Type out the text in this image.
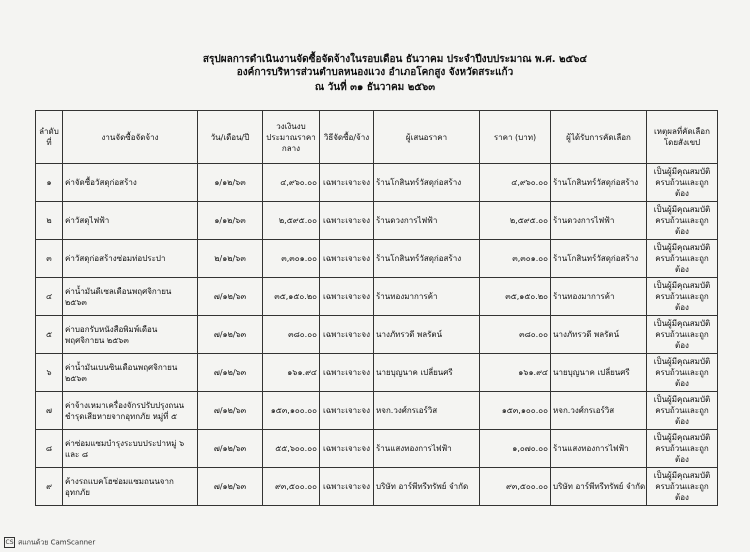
สรุปผลการดำเนินงานจัดซื้อจัดจ้างในรอบเดือน ธันวาคม ประจำปีงบประมาณ พ.ศ. ๒๕๖๔
องค์การบริหารส่วนตำบลหนองแวง อำเภอโคกสูง จังหวัดสระแก้ว
ณ วันที่ ๓๑ ธันวาคม ๒๕๖๓
ลำดับที่	งานจัดซื้อจัดจ้าง	วัน/เดือน/ปี	วงเงินงบประมาณราคากลาง	วิธีจัดซื้อ/จ้าง	ผู้เสนอราคา	ราคา (บาท)	ผู้ได้รับการคัดเลือก	เหตุผลที่คัดเลือกโดยสังเขป
๑	ค่าจัดซื้อวัสดุก่อสร้าง	๑/๑๒/๖๓	๔,๙๖๐.๐๐	เฉพาะเจาะจง	ร้านโกสินทร์วัสดุก่อสร้าง	๔,๙๖๐.๐๐	ร้านโกสินทร์วัสดุก่อสร้าง	เป็นผู้มีคุณสมบัติครบถ้วนและถูกต้อง
๒	ค่าวัสดุไฟฟ้า	๑/๑๒/๖๓	๒,๕๙๕.๐๐	เฉพาะเจาะจง	ร้านดวงการไฟฟ้า	๒,๕๙๕.๐๐	ร้านดวงการไฟฟ้า	เป็นผู้มีคุณสมบัติครบถ้วนและถูกต้อง
๓	ค่าวัสดุก่อสร้างซ่อมท่อประปา	๒/๑๒/๖๓	๓,๓๐๑.๐๐	เฉพาะเจาะจง	ร้านโกสินทร์วัสดุก่อสร้าง	๓,๓๐๑.๐๐	ร้านโกสินทร์วัสดุก่อสร้าง	เป็นผู้มีคุณสมบัติครบถ้วนและถูกต้อง
๔	ค่าน้ำมันดีเซลเดือนพฤศจิกายน ๒๕๖๓	๗/๑๒/๖๓	๓๕,๑๕๐.๒๐	เฉพาะเจาะจง	ร้านทองมาการค้า	๓๕,๑๕๐.๒๐	ร้านทองมาการค้า	เป็นผู้มีคุณสมบัติครบถ้วนและถูกต้อง
๕	ค่าบอกรับหนังสือพิมพ์เดือนพฤศจิกายน ๒๕๖๓	๗/๑๒/๖๓	๓๘๐.๐๐	เฉพาะเจาะจง	นางภัทรวดี พลรัตน์	๓๘๐.๐๐	นางภัทรวดี พลรัตน์	เป็นผู้มีคุณสมบัติครบถ้วนและถูกต้อง
๖	ค่าน้ำมันเบนซินเดือนพฤศจิกายน ๒๕๖๓	๗/๑๒/๖๓	๑๖๑.๙๔	เฉพาะเจาะจง	นายบุญนาค เปลี่ยนศรี	๑๖๑.๙๔	นายบุญนาค เปลี่ยนศรี	เป็นผู้มีคุณสมบัติครบถ้วนและถูกต้อง
๗	ค่าจ้างเหมาเครื่องจักรปรับปรุงถนนชำรุดเสียหายจากอุทกภัย หมู่ที่ ๕	๗/๑๒/๖๓	๑๕๓,๑๐๐.๐๐	เฉพาะเจาะจง	หจก.วงศ์กรเอร์วิส	๑๕๓,๑๐๐.๐๐	หจก.วงศ์กรเอร์วิส	เป็นผู้มีคุณสมบัติครบถ้วนและถูกต้อง
๘	ค่าซ่อมแซมบำรุงระบบประปาหมู่ ๖ และ ๘	๗/๑๒/๖๓	๕๕,๖๐๐.๐๐	เฉพาะเจาะจง	ร้านแสงทองการไฟฟ้า	๑,๐๗๐.๐๐	ร้านแสงทองการไฟฟ้า	เป็นผู้มีคุณสมบัติครบถ้วนและถูกต้อง
๙	ค้างรถแบคโฮซ่อมแซมถนนจากอุทกภัย	๗/๑๒/๖๓	๙๓,๕๐๐.๐๐	เฉพาะเจาะจง	บริษัท อาร์พีทรีทรัพย์ จำกัด	๙๓,๕๐๐.๐๐	บริษัท อาร์พีทรีทรัพย์ จำกัด	เป็นผู้มีคุณสมบัติครบถ้วนและถูกต้อง
CS สแกนด้วย CamScanner
